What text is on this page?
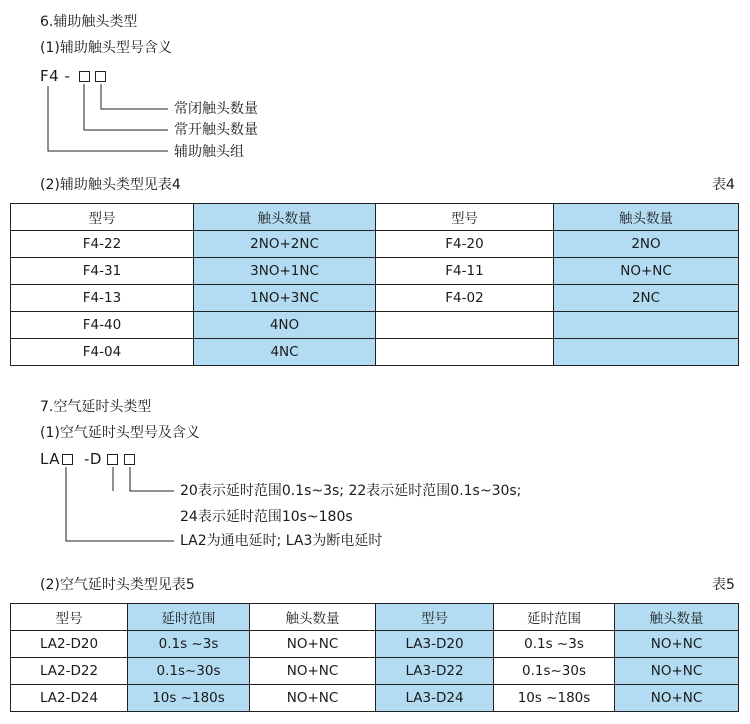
6.辅助触头类型
(1)辅助触头型号含义
F4 -
常闭触头数量
常开触头数量
辅助触头组
(2)辅助触头类型见表4	表4
型号	触头数量	型号	触头数量
F4-22	2NO+2NC	F4-20	2NO
F4-31	3NO+1NC	F4-11	NO+NC
F4-13	1NO+3NC	F4-02	2NC
F4-40	4NO		
F4-04	4NC		
7.空气延时头类型
(1)空气延时头型号及含义
LA -D
20表示延时范围0.1s~3s; 22表示延时范围0.1s~30s;
24表示延时范围10s~180s
LA2为通电延时; LA3为断电延时
(2)空气延时头类型见表5	表5
型号	延时范围	触头数量	型号	延时范围	触头数量
LA2-D20	0.1s ~3s	NO+NC	LA3-D20	0.1s ~3s	NO+NC
LA2-D22	0.1s~30s	NO+NC	LA3-D22	0.1s~30s	NO+NC
LA2-D24	10s ~180s	NO+NC	LA3-D24	10s ~180s	NO+NC
